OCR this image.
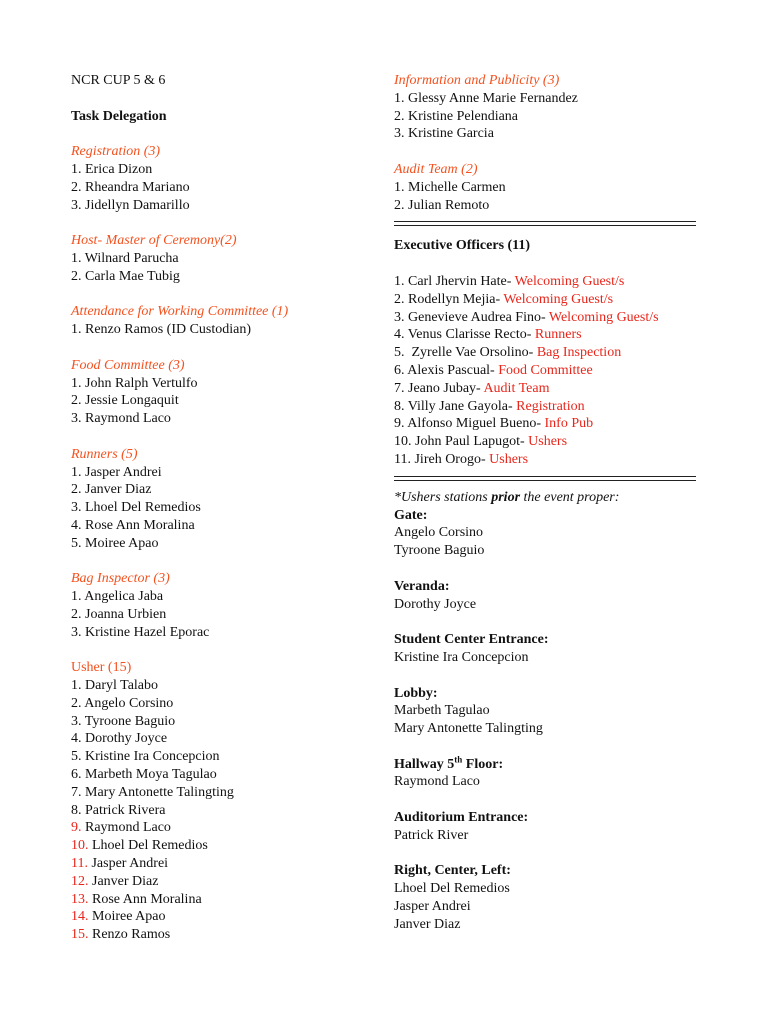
NCR CUP 5 & 6
Task Delegation
Registration (3)
1. Erica Dizon
2. Rheandra Mariano
3. Jidellyn Damarillo
Host- Master of Ceremony(2)
1. Wilnard Parucha
2. Carla Mae Tubig
Attendance for Working Committee (1)
1. Renzo Ramos (ID Custodian)
Food Committee (3)
1. John Ralph Vertulfo
2. Jessie Longaquit
3. Raymond Laco
Runners (5)
1. Jasper Andrei
2. Janver Diaz
3. Lhoel Del Remedios
4. Rose Ann Moralina
5. Moiree Apao
Bag Inspector (3)
1. Angelica Jaba
2. Joanna Urbien
3. Kristine Hazel Eporac
Usher (15)
1. Daryl Talabo
2. Angelo Corsino
3. Tyroone Baguio
4. Dorothy Joyce
5. Kristine Ira Concepcion
6. Marbeth Moya Tagulao
7. Mary Antonette Talingting
8. Patrick Rivera
9. Raymond Laco
10. Lhoel Del Remedios
11. Jasper Andrei
12. Janver Diaz
13. Rose Ann Moralina
14. Moiree Apao
15. Renzo Ramos
Information and Publicity (3)
1. Glessy Anne Marie Fernandez
2. Kristine Pelendiana
3. Kristine Garcia
Audit Team (2)
1. Michelle Carmen
2. Julian Remoto
Executive Officers (11)
1. Carl Jhervin Hate- Welcoming Guest/s
2. Rodellyn Mejia- Welcoming Guest/s
3. Genevieve Audrea Fino- Welcoming Guest/s
4. Venus Clarisse Recto- Runners
5.  Zyrelle Vae Orsolino- Bag Inspection
6. Alexis Pascual- Food Committee
7. Jeano Jubay- Audit Team
8. Villy Jane Gayola- Registration
9. Alfonso Miguel Bueno- Info Pub
10. John Paul Lapugot- Ushers
11. Jireh Orogo- Ushers
*Ushers stations prior the event proper:
Gate:
Angelo Corsino
Tyroone Baguio
Veranda:
Dorothy Joyce
Student Center Entrance:
Kristine Ira Concepcion
Lobby:
Marbeth Tagulao
Mary Antonette Talingting
Hallway 5th Floor:
Raymond Laco
Auditorium Entrance:
Patrick River
Right, Center, Left:
Lhoel Del Remedios
Jasper Andrei
Janver Diaz
